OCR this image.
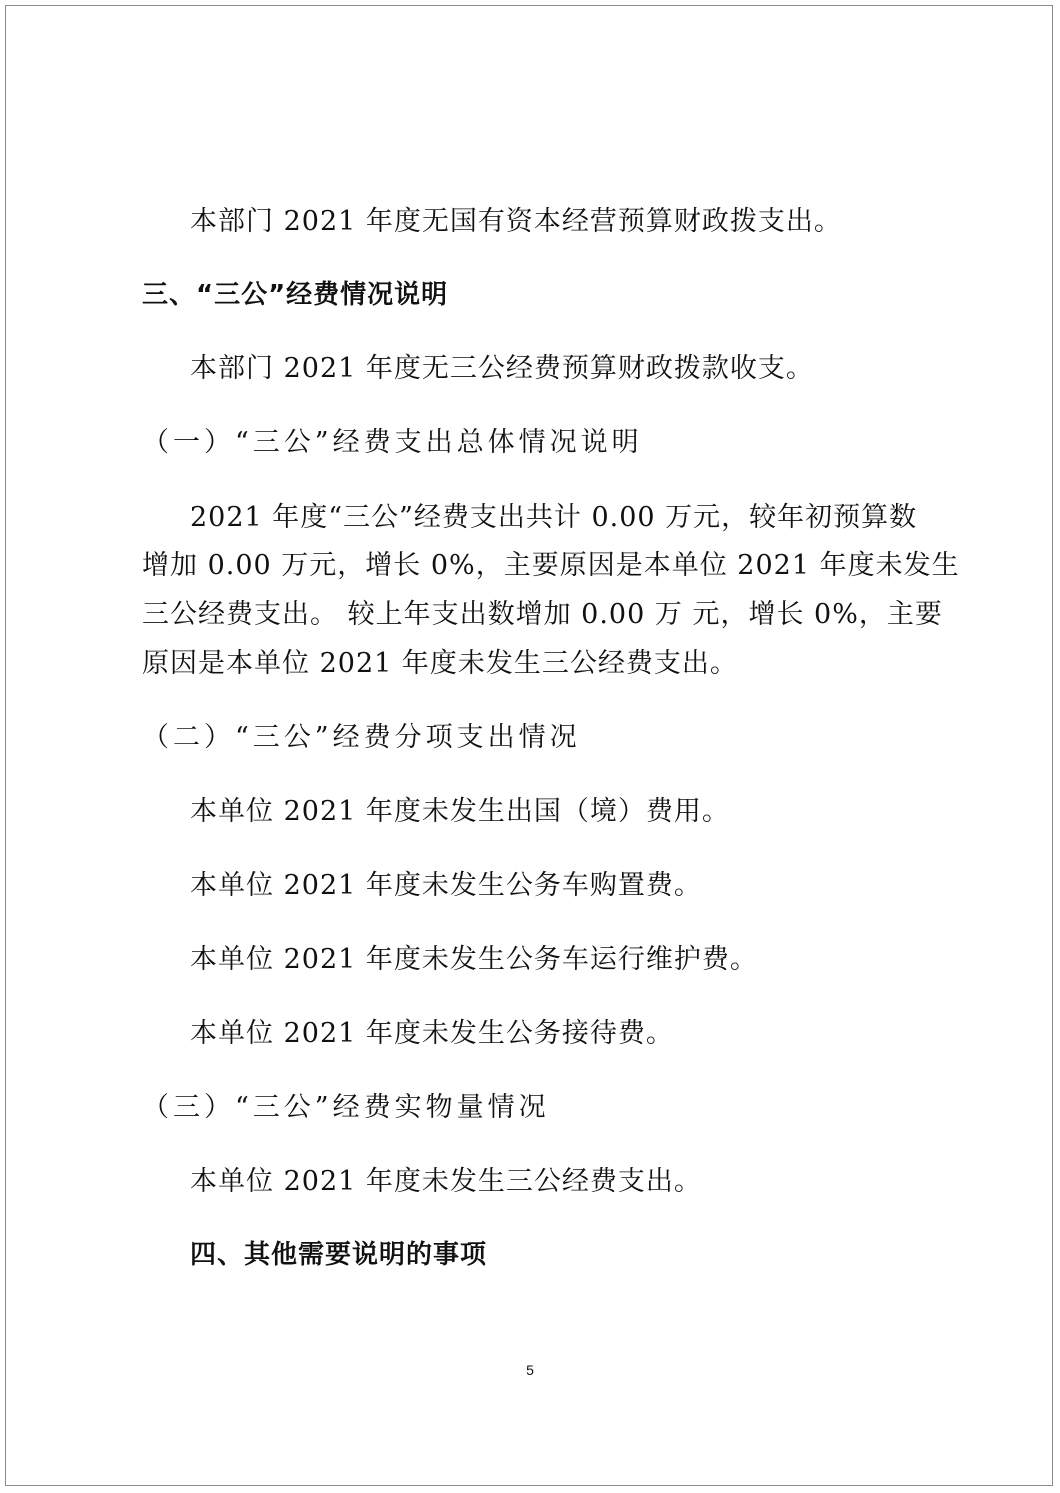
本部门 2021 年度无国有资本经营预算财政拨支出。
三、“三公”经费情况说明
本部门 2021 年度无三公经费预算财政拨款收支。
（一）“三公”经费支出总体情况说明
2021 年度“三公”经费支出共计 0.00 万元，较年初预算数
增加 0.00 万元，增长 0%，主要原因是本单位 2021 年度未发生
三公经费支出。 较上年支出数增加 0.00 万 元，增长 0%，主要
原因是本单位 2021 年度未发生三公经费支出。
（二）“三公”经费分项支出情况
本单位 2021 年度未发生出国（境）费用。
本单位 2021 年度未发生公务车购置费。
本单位 2021 年度未发生公务车运行维护费。
本单位 2021 年度未发生公务接待费。
（三）“三公”经费实物量情况
本单位 2021 年度未发生三公经费支出。
四、其他需要说明的事项
5
